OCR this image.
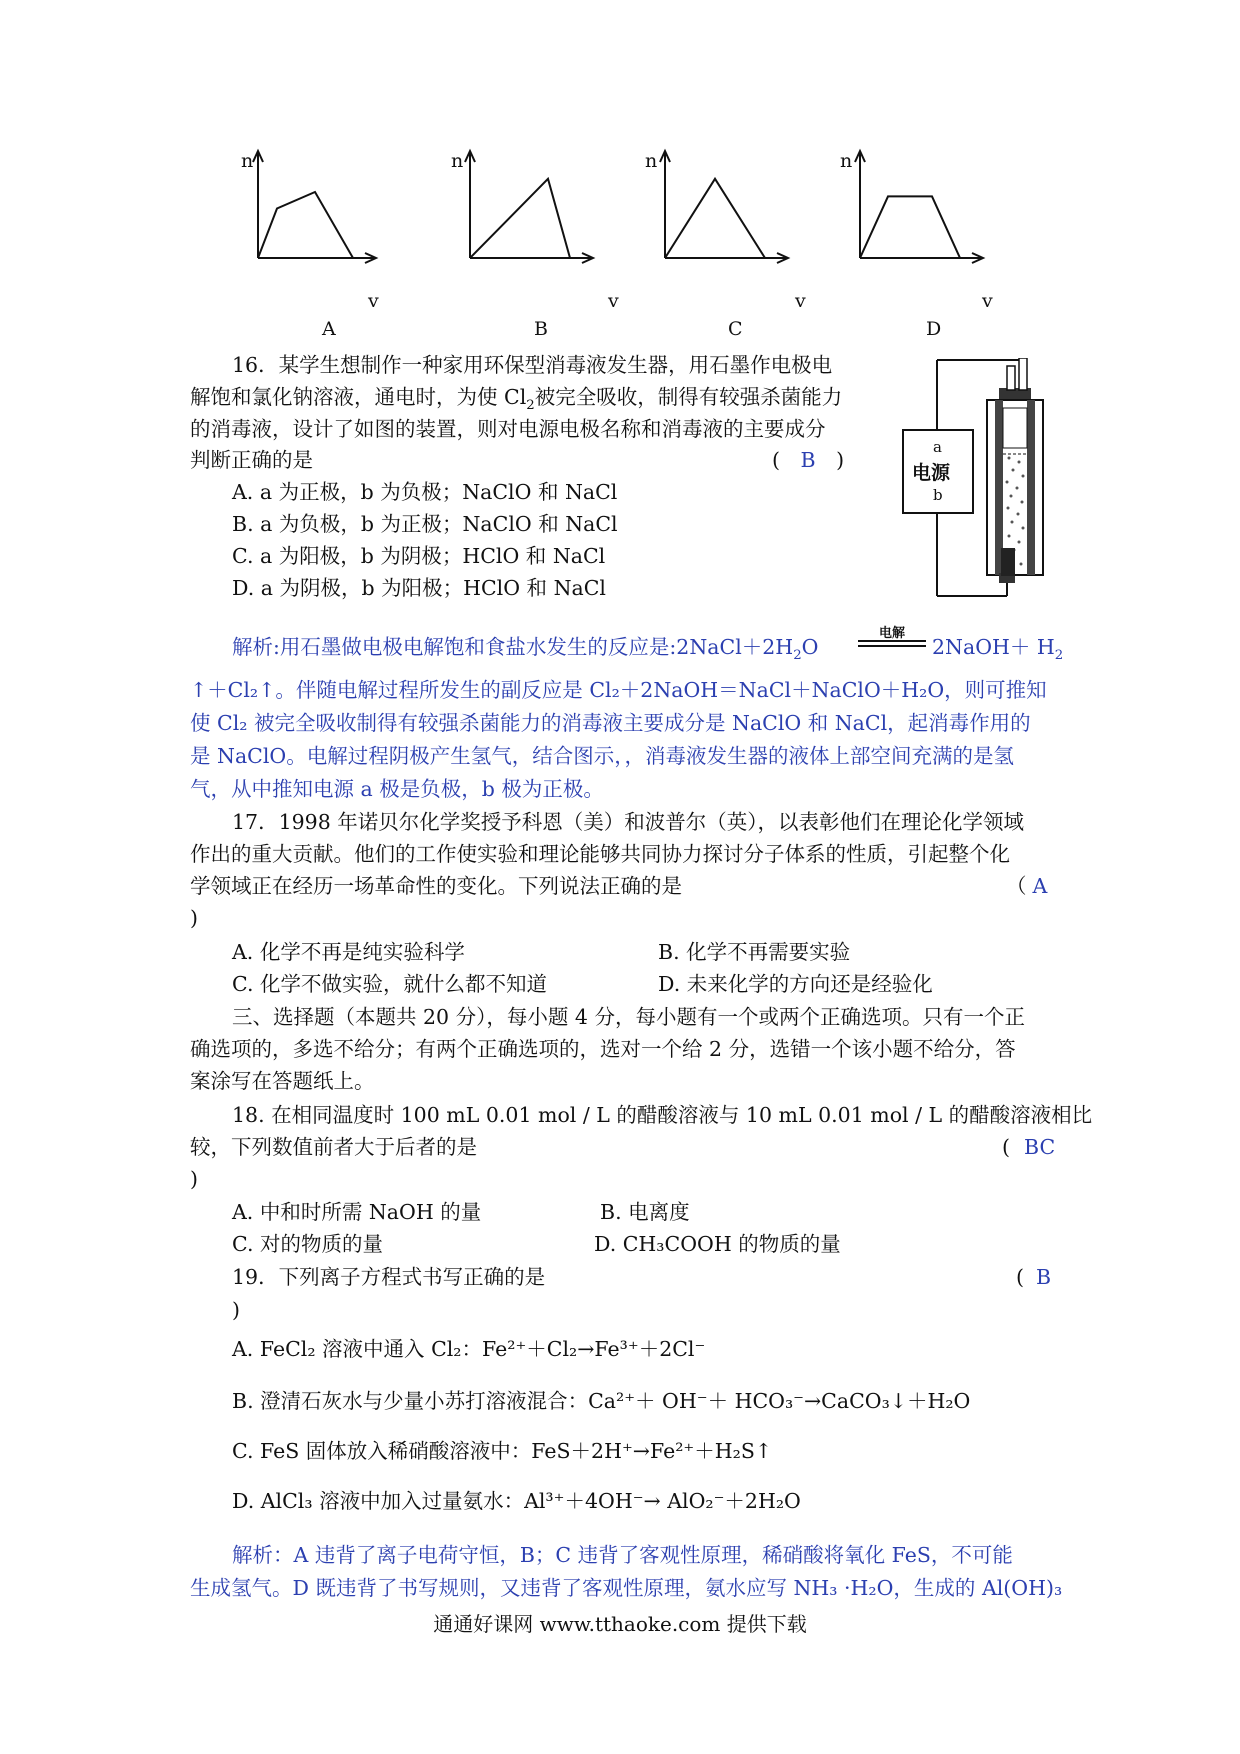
n
v
A
n
v
B
n
v
C
n
v
D
16．某学生想制作一种家用环保型消毒液发生器，用石墨作电极电
解饱和氯化钠溶液，通电时，为使 $Cl_2$被完全吸收，制得有较强杀菌能力
的消毒液，设计了如图的装置，则对电源电极名称和消毒液的主要成分
判断正确的是	( B )
A. a 为正极，b 为负极；NaClO 和 NaCl
B. a 为负极，b 为正极；NaClO 和 NaCl
C. a 为阳极，b 为阴极；HClO 和 NaCl
D. a 为阴极，b 为阳极；HClO 和 NaCl
a
电源
b
解析:用石墨做电极电解饱和食盐水发生的反应是$:2NaCl+2H_2O$
电解
2NaOH＋ $H_2$
↑＋Cl₂↑。伴随电解过程所发生的副反应是 Cl₂＋2NaOH＝NaCl＋NaClO＋H₂O，则可推知
使 Cl₂ 被完全吸收制得有较强杀菌能力的消毒液主要成分是 NaClO 和 NaCl，起消毒作用的
是 NaClO。电解过程阴极产生氢气，结合图示，，消毒液发生器的液体上部空间充满的是氢
气，从中推知电源 a 极是负极，b 极为正极。
17．1998 年诺贝尔化学奖授予科恩（美）和波普尔（英），以表彰他们在理论化学领域
作出的重大贡献。他们的工作使实验和理论能够共同协力探讨分子体系的性质，引起整个化
学领域正在经历一场革命性的变化。下列说法正确的是	（ A
)
A. 化学不再是纯实验科学	B. 化学不再需要实验
C. 化学不做实验，就什么都不知道	D. 未来化学的方向还是经验化
三、选择题（本题共 20 分），每小题 4 分，每小题有一个或两个正确选项。只有一个正
确选项的，多选不给分；有两个正确选项的，选对一个给 2 分，选错一个该小题不给分，答
案涂写在答题纸上。
18. 在相同温度时 100 mL 0.01 mol / L 的醋酸溶液与 10 mL 0.01 mol / L 的醋酸溶液相比
较，下列数值前者大于后者的是	( BC
)
A. 中和时所需 NaOH 的量	B. 电离度
C. 对的物质的量	D. CH₃COOH 的物质的量
19．下列离子方程式书写正确的是	( B
)
A. FeCl₂ 溶液中通入 Cl₂：Fe²⁺＋Cl₂→Fe³⁺＋2Cl⁻
B. 澄清石灰水与少量小苏打溶液混合：Ca²⁺＋ OH⁻＋ HCO₃⁻→CaCO₃↓＋H₂O
C. FeS 固体放入稀硝酸溶液中：FeS＋2H⁺→Fe²⁺＋H₂S↑
D. AlCl₃ 溶液中加入过量氨水：Al³⁺＋4OH⁻→ AlO₂⁻＋2H₂O
解析：A 违背了离子电荷守恒，B；C 违背了客观性原理，稀硝酸将氧化 FeS，不可能
生成氢气。D 既违背了书写规则，又违背了客观性原理，氨水应写 NH₃ ·H₂O，生成的 Al(OH)₃
通通好课网 www.tthaoke.com 提供下载
